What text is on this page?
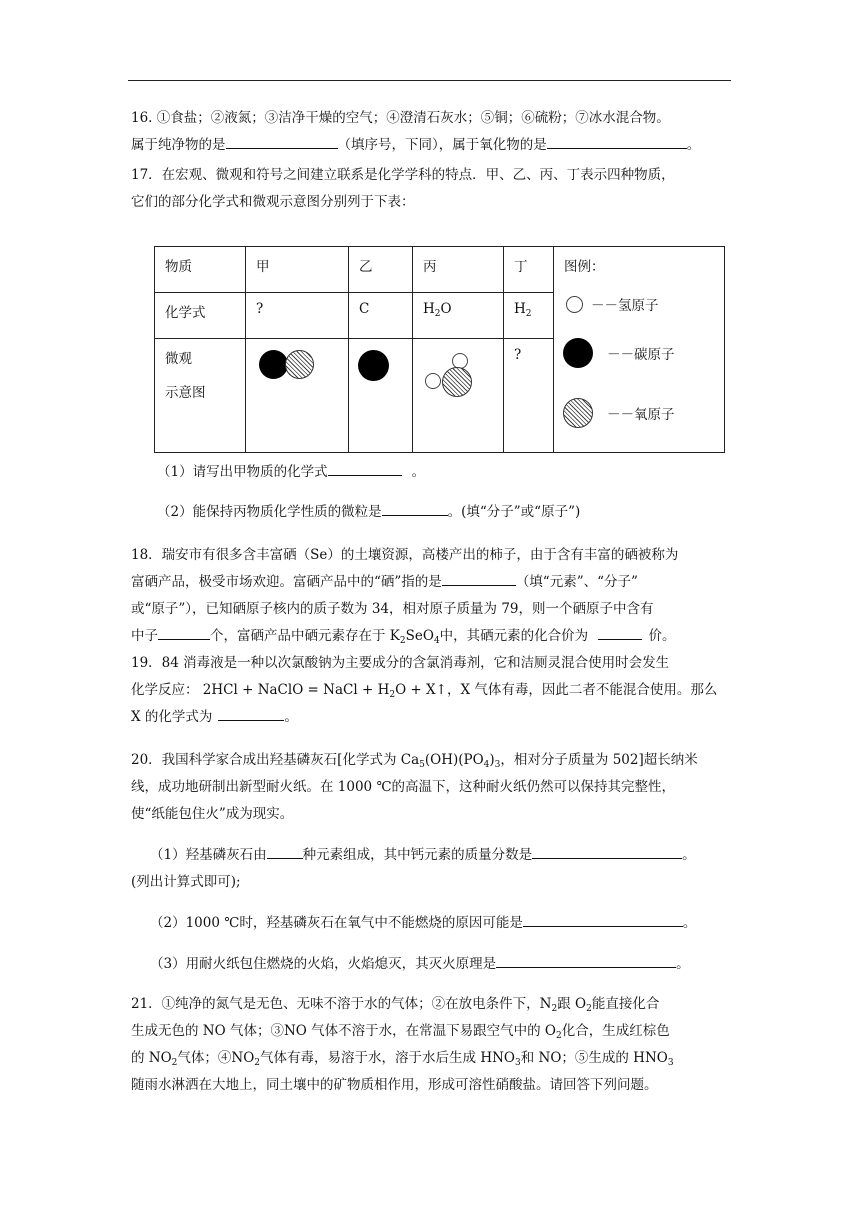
16. ①食盐；②液氮；③洁净干燥的空气；④澄清石灰水；⑤铜；⑥硫粉；⑦冰水混合物。
属于纯净物的是	（填序号，下同），属于氧化物的是	。
17．在宏观、微观和符号之间建立联系是化学学科的特点．甲、乙、丙、丁表示四种物质，
它们的部分化学式和微观示意图分别列于下表：
物质	甲	乙	丙	丁	图例：
化学式	?	C	$H_2O$	$H_2$

微观
示意图				?	
－－氢原子
－－碳原子
－－氧原子
（1）请写出甲物质的化学式	。
（2）能保持丙物质化学性质的微粒是	。(填“分子”或“原子”)
18．瑞安市有很多含丰富硒（Se）的土壤资源，高楼产出的柿子，由于含有丰富的硒被称为
富硒产品，极受市场欢迎。富硒产品中的“硒”指的是	（填“元素”、“分子”
或“原子”），已知硒原子核内的质子数为 34，相对原子质量为 79，则一个硒原子中含有
中子	个，富硒产品中硒元素存在于 $K_2SeO_4$中，其硒元素的化合价为	价。
19．84 消毒液是一种以次氯酸钠为主要成分的含氯消毒剂，它和洁厕灵混合使用时会发生
化学反应： 2HCl + NaClO = NaCl + $H_2O$ + X↑，X 气体有毒，因此二者不能混合使用。那么
X 的化学式为	。
20．我国科学家合成出羟基磷灰石[化学式为 $Ca_5(OH)(PO_4)_3$，相对分子质量为 502]超长纳米
线，成功地研制出新型耐火纸。在 1000 ℃的高温下，这种耐火纸仍然可以保持其完整性，
使“纸能包住火”成为现实。
（1）羟基磷灰石由	种元素组成，其中钙元素的质量分数是	。
(列出计算式即可);
（2）1000 ℃时，羟基磷灰石在氧气中不能燃烧的原因可能是	。
（3）用耐火纸包住燃烧的火焰，火焰熄灭，其灭火原理是	。
21．①纯净的氮气是无色、无味不溶于水的气体；②在放电条件下，$N_2$跟 $O_2$能直接化合
生成无色的 NO 气体；③NO 气体不溶于水，在常温下易跟空气中的 $O_2$化合，生成红棕色
的 $NO_2$气体；$④NO_2$气体有毒，易溶于水，溶于水后生成 $HNO_3$和 NO；⑤生成的 $HNO_3$
随雨水淋洒在大地上，同土壤中的矿物质相作用，形成可溶性硝酸盐。请回答下列问题。
